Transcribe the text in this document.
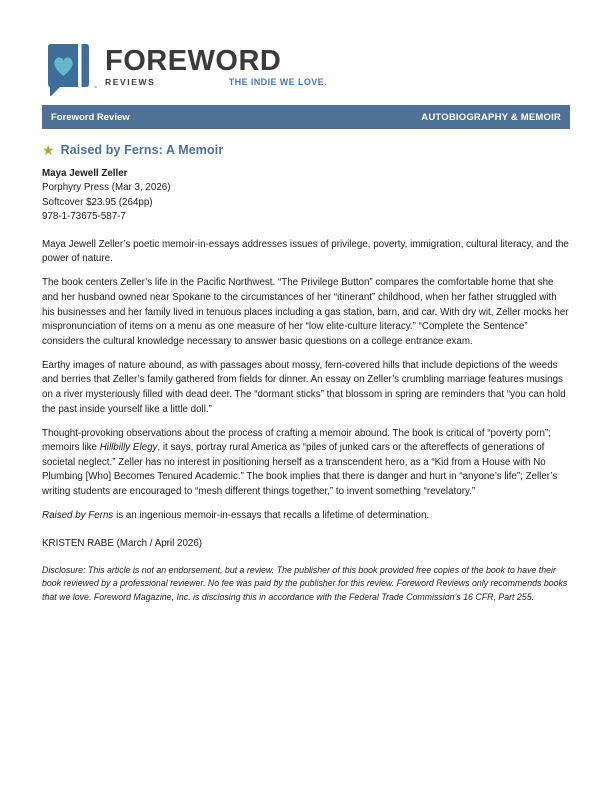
™
FOREWORD
REVIEWS	THE INDIE WE LOVE.
Foreword Review	AUTOBIOGRAPHY & MEMOIR
★ Raised by Ferns: A Memoir
Maya Jewell Zeller
Porphyry Press (Mar 3, 2026)
Softcover $23.95 (264pp)
978-1-73675-587-7

Maya Jewell Zeller’s poetic memoir-in-essays addresses issues of privilege, poverty, immigration, cultural literacy, and the power of nature.

The book centers Zeller’s life in the Pacific Northwest. “The Privilege Button” compares the comfortable home that she and her husband owned near Spokane to the circumstances of her “itinerant” childhood, when her father struggled with his businesses and her family lived in tenuous places including a gas station, barn, and car. With dry wit, Zeller mocks her mispronunciation of items on a menu as one measure of her “low elite-culture literacy.” “Complete the Sentence” considers the cultural knowledge necessary to answer basic questions on a college entrance exam.

Earthy images of nature abound, as with passages about mossy, fern-covered hills that include depictions of the weeds and berries that Zeller’s family gathered from fields for dinner. An essay on Zeller’s crumbling marriage features musings on a river mysteriously filled with dead deer. The “dormant sticks” that blossom in spring are reminders that “you can hold the past inside yourself like a little doll.”

Thought-provoking observations about the process of crafting a memoir abound. The book is critical of “poverty porn”; memoirs like Hillbilly Elegy, it says, portray rural America as “piles of junked cars or the aftereffects of generations of societal neglect.” Zeller has no interest in positioning herself as a transcendent hero, as a “Kid from a House with No Plumbing [Who] Becomes Tenured Academic.” The book implies that there is danger and hurt in “anyone’s life”; Zeller’s writing students are encouraged to “mesh different things together,” to invent something “revelatory.”

Raised by Ferns is an ingenious memoir-in-essays that recalls a lifetime of determination.

KRISTEN RABE (March / April 2026)

Disclosure: This article is not an endorsement, but a review. The publisher of this book provided free copies of the book to have their book reviewed by a professional reviewer. No fee was paid by the publisher for this review. Foreword Reviews only recommends books that we love. Foreword Magazine, Inc. is disclosing this in accordance with the Federal Trade Commission’s 16 CFR, Part 255.
